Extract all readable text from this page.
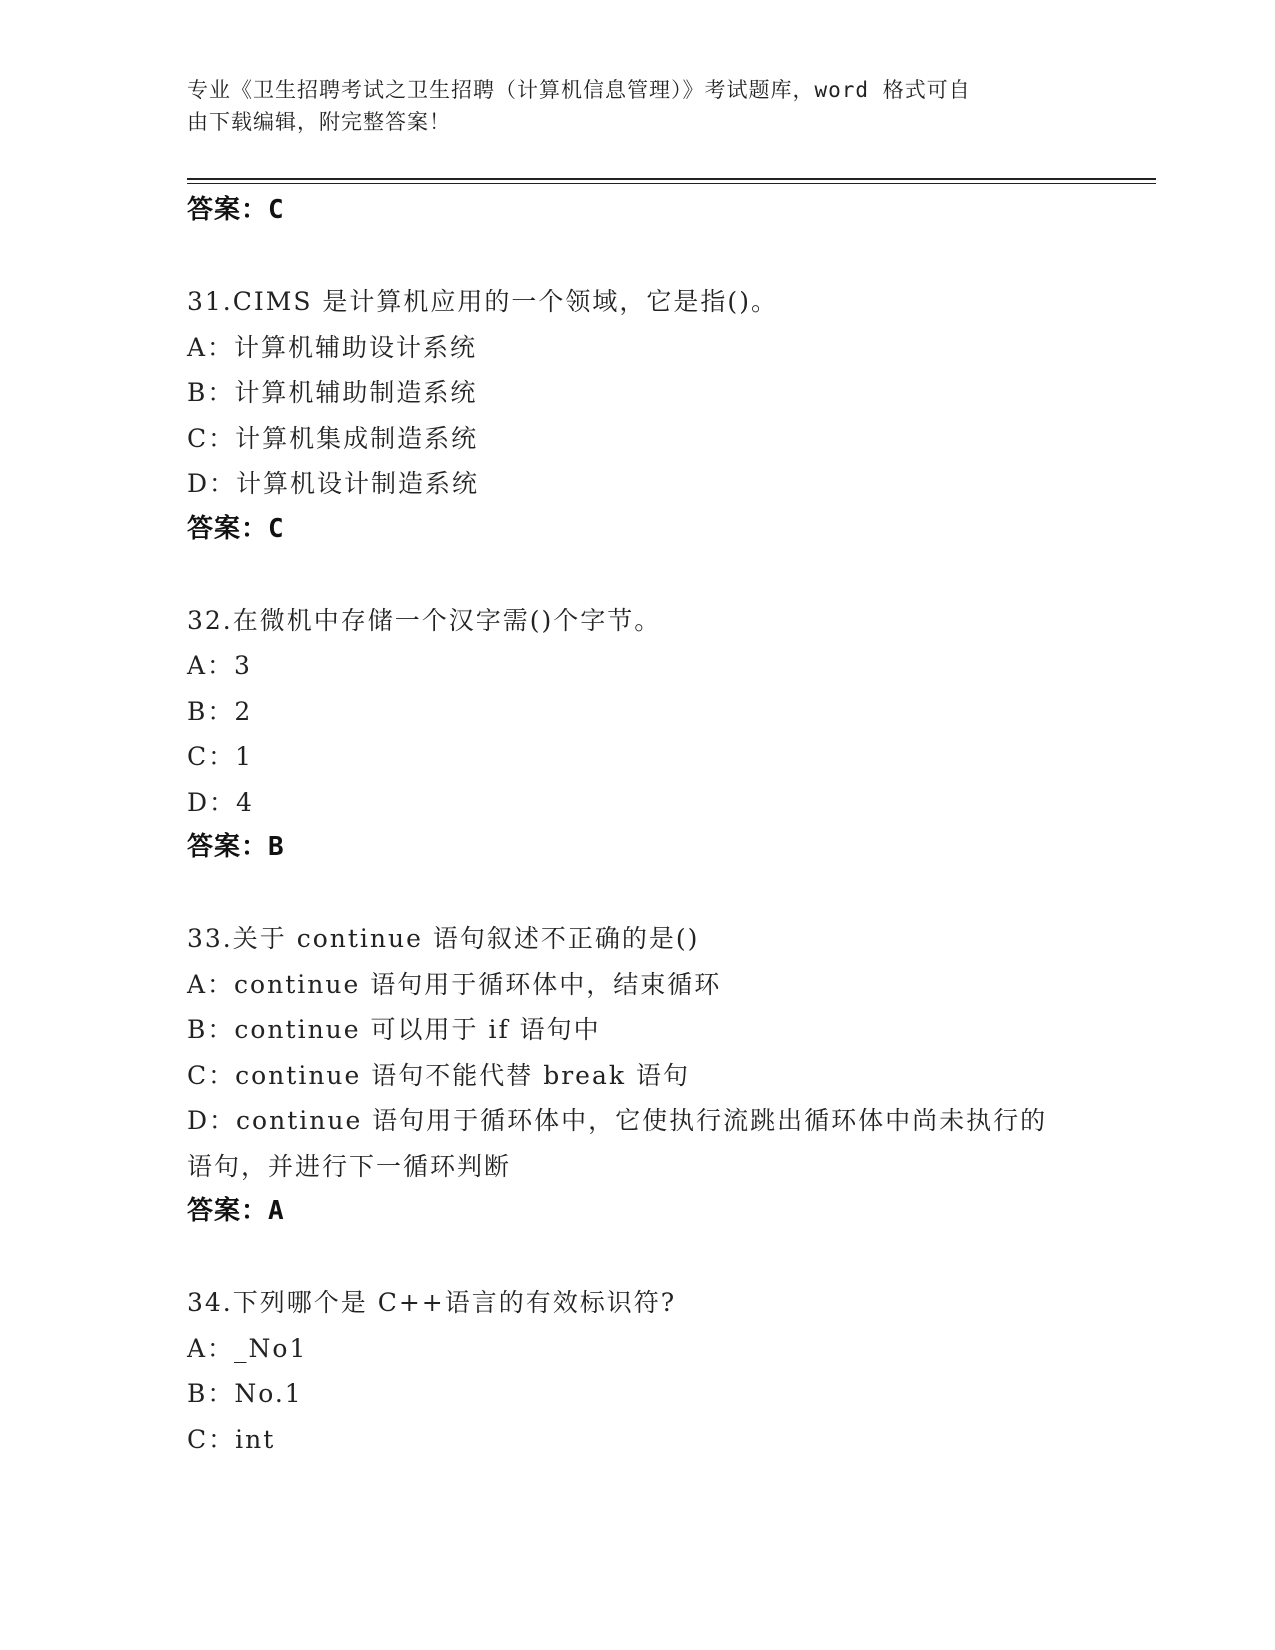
专业《卫生招聘考试之卫生招聘（计算机信息管理）》考试题库，word 格式可自
由下载编辑，附完整答案！
答案：C
31.CIMS 是计算机应用的一个领域，它是指()。
A：计算机辅助设计系统
B：计算机辅助制造系统
C：计算机集成制造系统
D：计算机设计制造系统
答案：C
32.在微机中存储一个汉字需()个字节。
A：3
B：2
C：1
D：4
答案：B
33.关于 continue 语句叙述不正确的是()
A：continue 语句用于循环体中，结束循环
B：continue 可以用于 if 语句中
C：continue 语句不能代替 break 语句
D：continue 语句用于循环体中，它使执行流跳出循环体中尚未执行的
语句，并进行下一循环判断
答案：A
34.下列哪个是 C++语言的有效标识符?
A：_No1
B：No.1
C：int
